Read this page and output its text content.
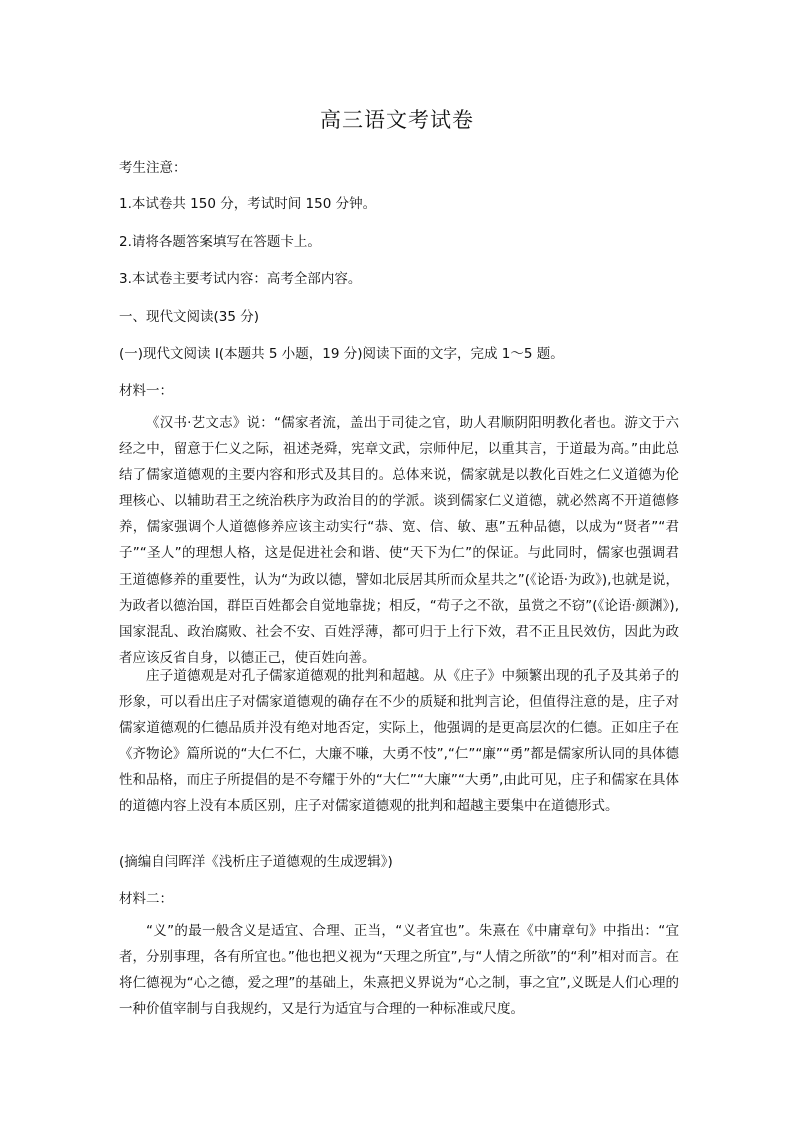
高三语文考试卷
考生注意：
1.本试卷共 150 分，考试时间 150 分钟。
2.请将各题答案填写在答题卡上。
3.本试卷主要考试内容：高考全部内容。
一、现代文阅读(35 分)
(一)现代文阅读 I(本题共 5 小题，19 分)阅读下面的文字，完成 1～5 题。
材料一：
《汉书·艺文志》说：“儒家者流，盖出于司徒之官，助人君顺阴阳明教化者也。游文于六经之中，留意于仁义之际，祖述尧舜，宪章文武，宗师仲尼，以重其言，于道最为高。”由此总结了儒家道德观的主要内容和形式及其目的。总体来说，儒家就是以教化百姓之仁义道德为伦理核心、以辅助君王之统治秩序为政治目的的学派。谈到儒家仁义道德，就必然离不开道德修养，儒家强调个人道德修养应该主动实行“恭、宽、信、敏、惠”五种品德，以成为“贤者”“君子”“圣人”的理想人格，这是促进社会和谐、使“天下为仁”的保证。与此同时，儒家也强调君王道德修养的重要性，认为“为政以德，譬如北辰居其所而众星共之”(《论语·为政》),也就是说，为政者以德治国，群臣百姓都会自觉地靠拢；相反，“苟子之不欲，虽赏之不窃”(《论语·颜渊》),国家混乱、政治腐败、社会不安、百姓浮薄，都可归于上行下效，君不正且民效仿，因此为政者应该反省自身，以德正己，使百姓向善。
庄子道德观是对孔子儒家道德观的批判和超越。从《庄子》中频繁出现的孔子及其弟子的形象，可以看出庄子对儒家道德观的确存在不少的质疑和批判言论，但值得注意的是，庄子对儒家道德观的仁德品质并没有绝对地否定，实际上，他强调的是更高层次的仁德。正如庄子在《齐物论》篇所说的“大仁不仁，大廉不嗛，大勇不忮”,“仁”“廉”“勇”都是儒家所认同的具体德性和品格，而庄子所提倡的是不夸耀于外的“大仁”“大廉”“大勇”,由此可见，庄子和儒家在具体的道德内容上没有本质区别，庄子对儒家道德观的批判和超越主要集中在道德形式。
(摘编自闫晖洋《浅析庄子道德观的生成逻辑》)
材料二：
“义”的最一般含义是适宜、合理、正当，“义者宜也”。朱熹在《中庸章句》中指出：“宜者，分别事理，各有所宜也。”他也把义视为“天理之所宜”,与“人情之所欲”的“利”相对而言。在将仁德视为“心之德，爱之理”的基础上，朱熹把义界说为“心之制，事之宜”,义既是人们心理的一种价值宰制与自我规约，又是行为适宜与合理的一种标准或尺度。
